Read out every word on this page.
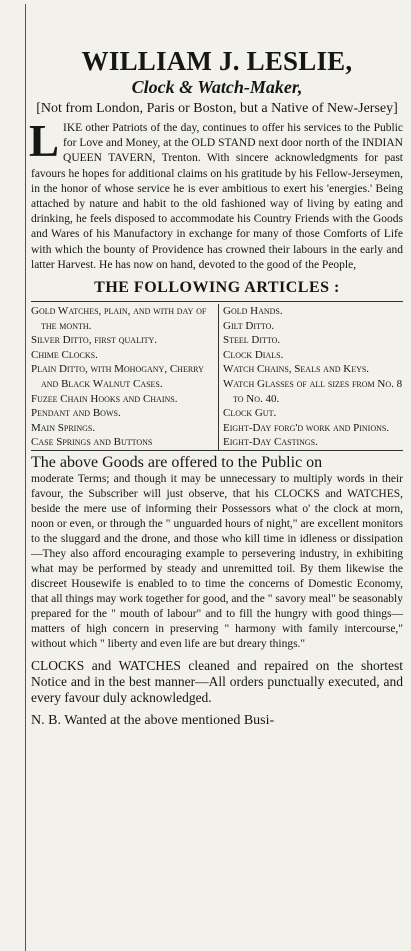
WILLIAM J. LESLIE,
Clock & Watch-Maker,
[Not from London, Paris or Boston, but a Native of New-Jersey]

LIKE other Patriots of the day, continues to offer his services to the Public for Love and Money, at the OLD STAND next door north of the INDIAN QUEEN TAVERN, Trenton. With sincere acknowledgments for past favours he hopes for additional claims on his gratitude by his Fellow-Jerseymen, in the honor of whose service he is ever ambitious to exert his 'energies.' Being attached by nature and habit to the old fashioned way of living by eating and drinking, he feels disposed to accommodate his Country Friends with the Goods and Wares of his Manufactory in exchange for many of those Comforts of Life with which the bounty of Providence has crowned their labours in the early and latter Harvest. He has now on hand, devoted to the good of the People,

THE FOLLOWING ARTICLES :
Gold Watches, plain, and with day of the month.
Silver Ditto, first quality.
Chime Clocks.
Plain Ditto, with Mohogany, Cherry and Black Walnut Cases.
Fuzee Chain Hooks and Chains.
Pendant and Bows.
Main Springs.
Case Springs and Buttons
Gold Hands.
Gilt Ditto.
Steel Ditto.
Clock Dials.
Watch Chains, Seals and Keys.
Watch Glasses of all sizes from No. 8 to No. 40.
Clock Gut.
Eight-Day forg'd work and Pinions.
Eight-Day Castings.

The above Goods are offered to the Public on

moderate Terms; and though it may be unnecessary to multiply words in their favour, the Subscriber will just observe, that his CLOCKS and WATCHES, beside the mere use of informing their Possessors what o' the clock at morn, noon or even, or through the " unguarded hours of night," are excellent monitors to the sluggard and the drone, and those who kill time in idleness or dissipation—They also afford encouraging example to persevering industry, in exhibiting what may be performed by steady and unremitted toil. By them likewise the discreet Housewife is enabled to to time the concerns of Domestic Economy, that all things may work together for good, and the " savory meal" be seasonably prepared for the " mouth of labour" and to fill the hungry with good things—matters of high concern in preserving " harmony with family intercourse," without which " liberty and even life are but dreary things."

CLOCKS and WATCHES cleaned and repaired on the shortest Notice and in the best manner—All orders punctually executed, and every favour duly acknowledged.

N. B. Wanted at the above mentioned Busi-
